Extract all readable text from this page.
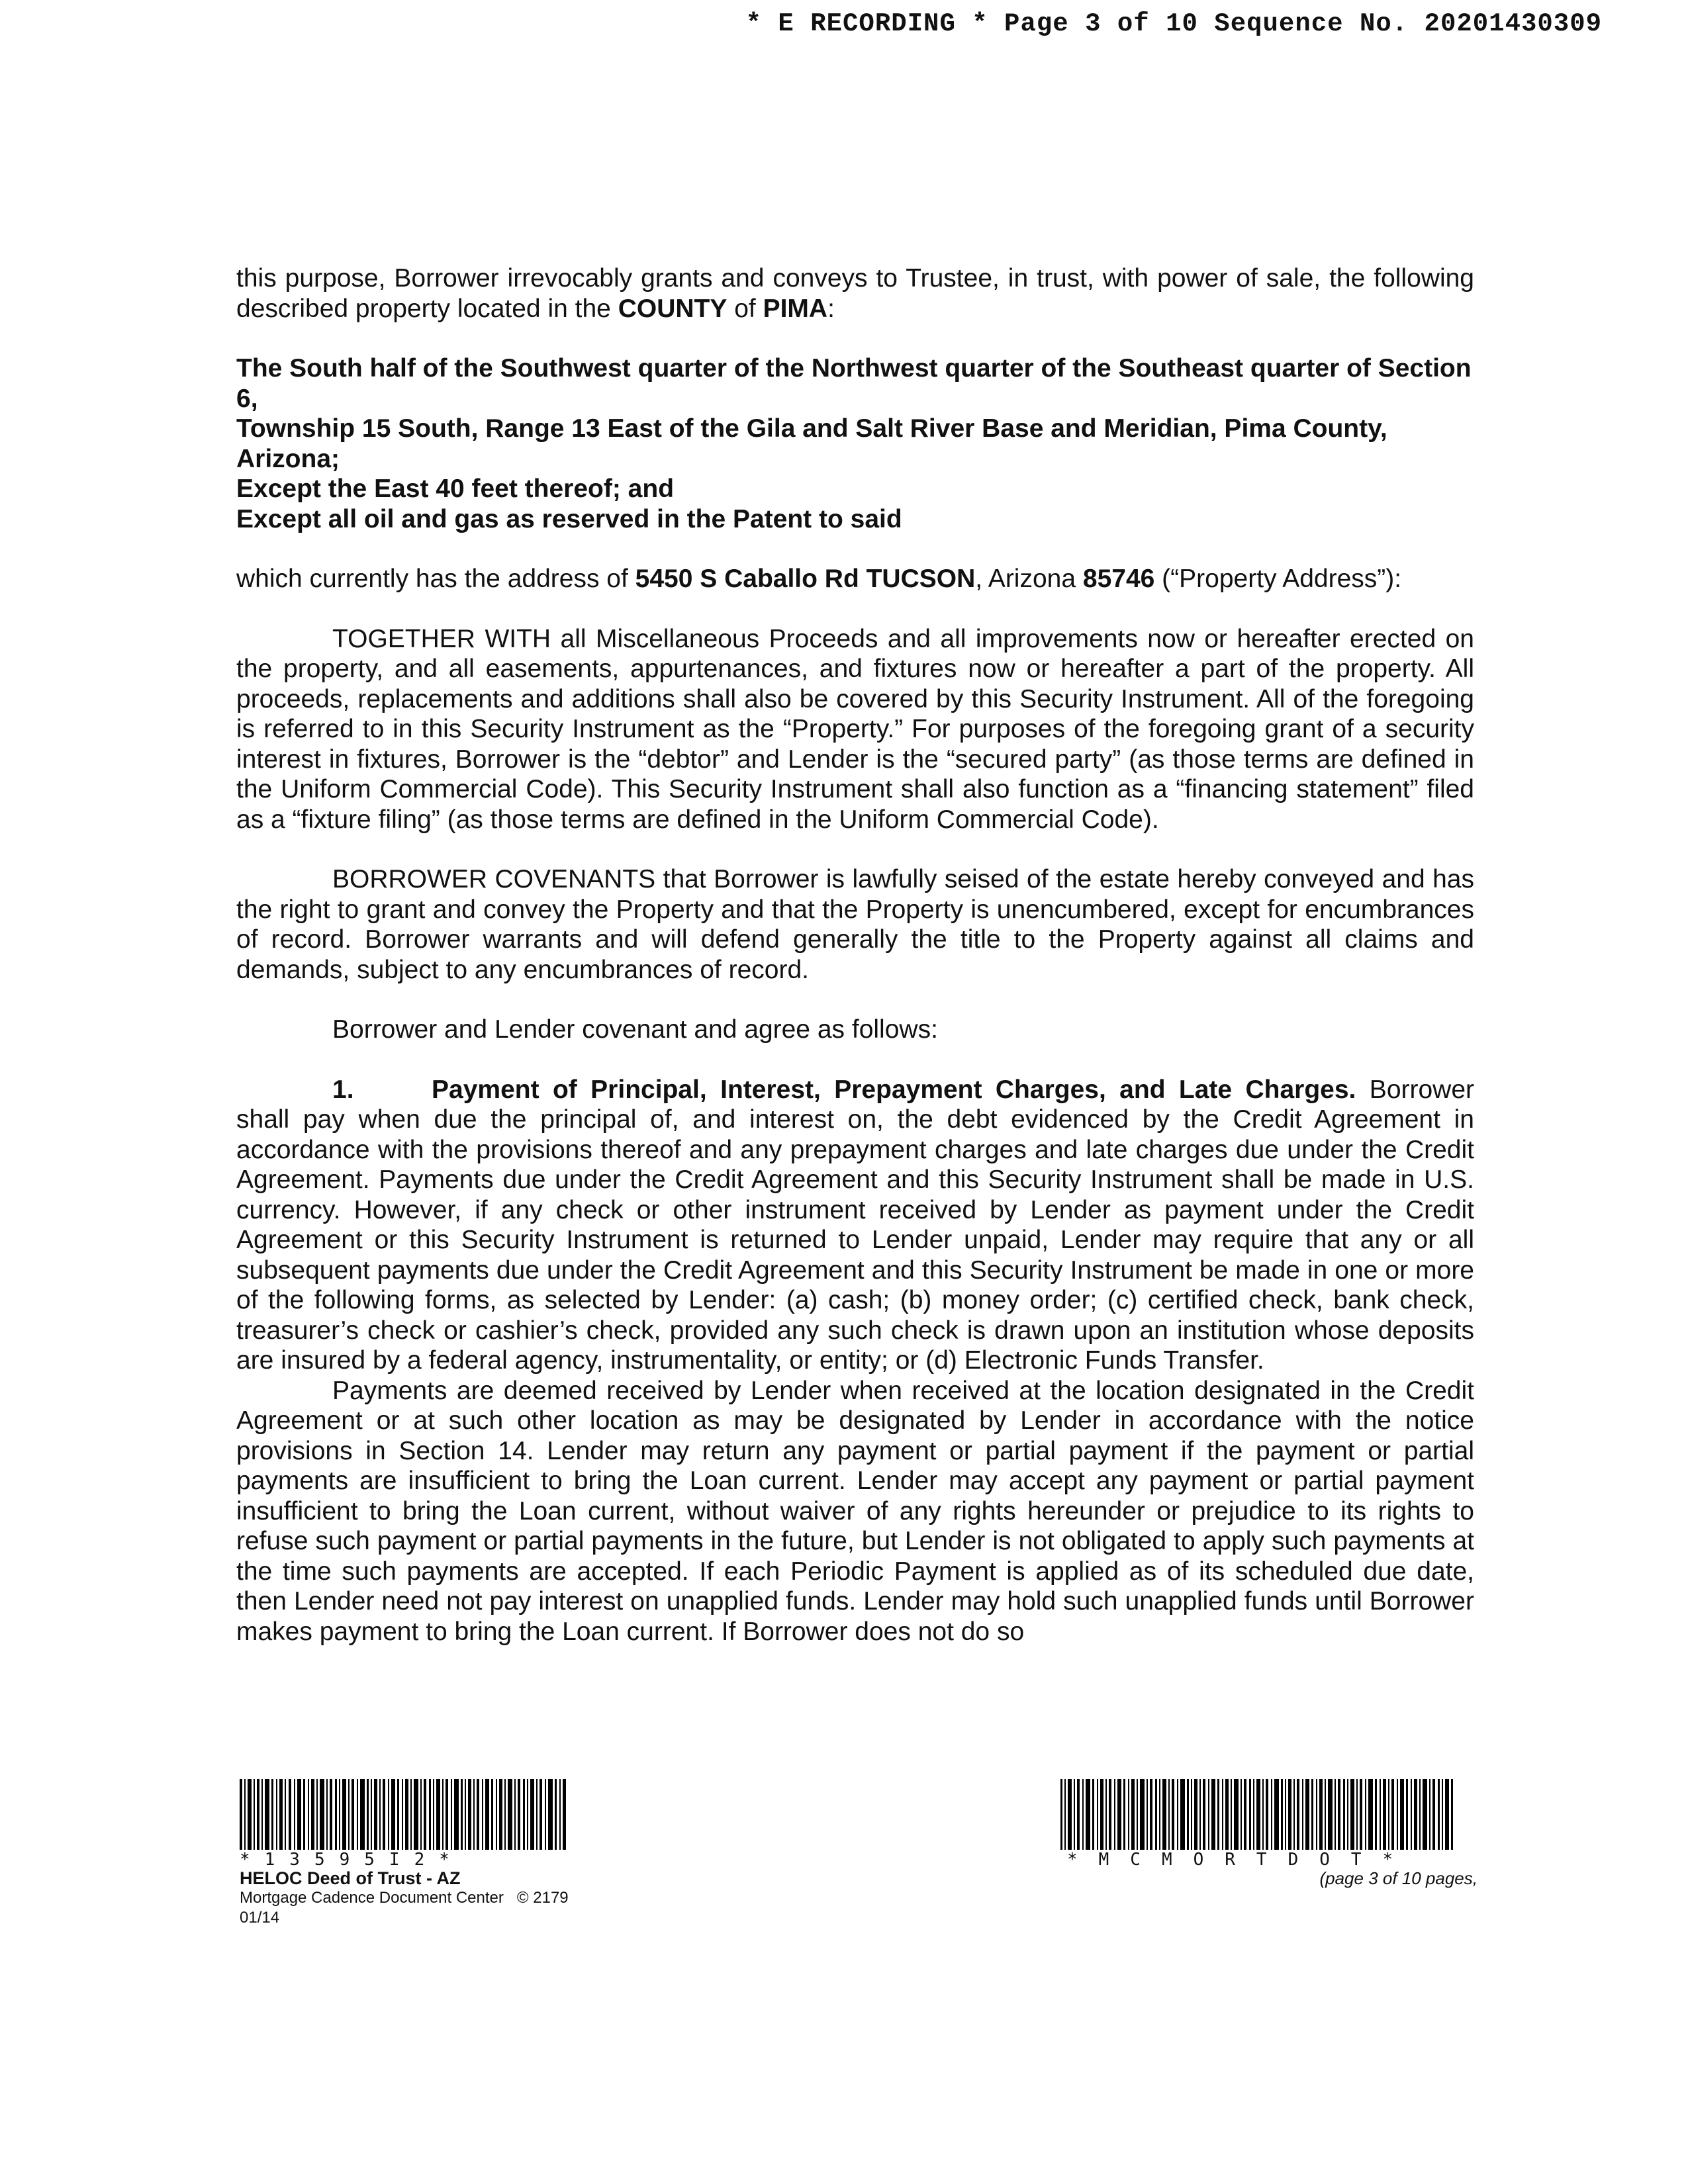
* E RECORDING * Page 3 of 10 Sequence No. 20201430309

this purpose, Borrower irrevocably grants and conveys to Trustee, in trust, with power of sale, the following described property located in the COUNTY of PIMA:

The South half of the Southwest quarter of the Northwest quarter of the Southeast quarter of Section 6,
Township 15 South, Range 13 East of the Gila and Salt River Base and Meridian, Pima County, Arizona;
Except the East 40 feet thereof; and
Except all oil and gas as reserved in the Patent to said

which currently has the address of 5450 S Caballo Rd TUCSON, Arizona 85746 (“Property Address”):

TOGETHER WITH all Miscellaneous Proceeds and all improvements now or hereafter erected on the property, and all easements, appurtenances, and fixtures now or hereafter a part of the property. All proceeds, replacements and additions shall also be covered by this Security Instrument. All of the foregoing is referred to in this Security Instrument as the “Property.” For purposes of the foregoing grant of a security interest in fixtures, Borrower is the “debtor” and Lender is the “secured party” (as those terms are defined in the Uniform Commercial Code). This Security Instrument shall also function as a “financing statement” filed as a “fixture filing” (as those terms are defined in the Uniform Commercial Code).

BORROWER COVENANTS that Borrower is lawfully seised of the estate hereby conveyed and has the right to grant and convey the Property and that the Property is unencumbered, except for encumbrances of record. Borrower warrants and will defend generally the title to the Property against all claims and demands, subject to any encumbrances of record.

Borrower and Lender covenant and agree as follows:

1.	Payment of Principal, Interest, Prepayment Charges, and Late Charges. Borrower shall pay when due the principal of, and interest on, the debt evidenced by the Credit Agreement in accordance with the provisions thereof and any prepayment charges and late charges due under the Credit Agreement. Payments due under the Credit Agreement and this Security Instrument shall be made in U.S. currency. However, if any check or other instrument received by Lender as payment under the Credit Agreement or this Security Instrument is returned to Lender unpaid, Lender may require that any or all subsequent payments due under the Credit Agreement and this Security Instrument be made in one or more of the following forms, as selected by Lender: (a) cash; (b) money order; (c) certified check, bank check, treasurer’s check or cashier’s check, provided any such check is drawn upon an institution whose deposits are insured by a federal agency, instrumentality, or entity; or (d) Electronic Funds Transfer.

Payments are deemed received by Lender when received at the location designated in the Credit Agreement or at such other location as may be designated by Lender in accordance with the notice provisions in Section 14. Lender may return any payment or partial payment if the payment or partial payments are insufficient to bring the Loan current. Lender may accept any payment or partial payment insufficient to bring the Loan current, without waiver of any rights hereunder or prejudice to its rights to refuse such payment or partial payments in the future, but Lender is not obligated to apply such payments at the time such payments are accepted. If each Periodic Payment is applied as of its scheduled due date, then Lender need not pay interest on unapplied funds. Lender may hold such unapplied funds until Borrower makes payment to bring the Loan current. If Borrower does not do so

*13595I2*
HELOC Deed of Trust - AZ
Mortgage Cadence Document Center © 2179 01/14
*MCMORTDOT*
(page 3 of 10 pages,
